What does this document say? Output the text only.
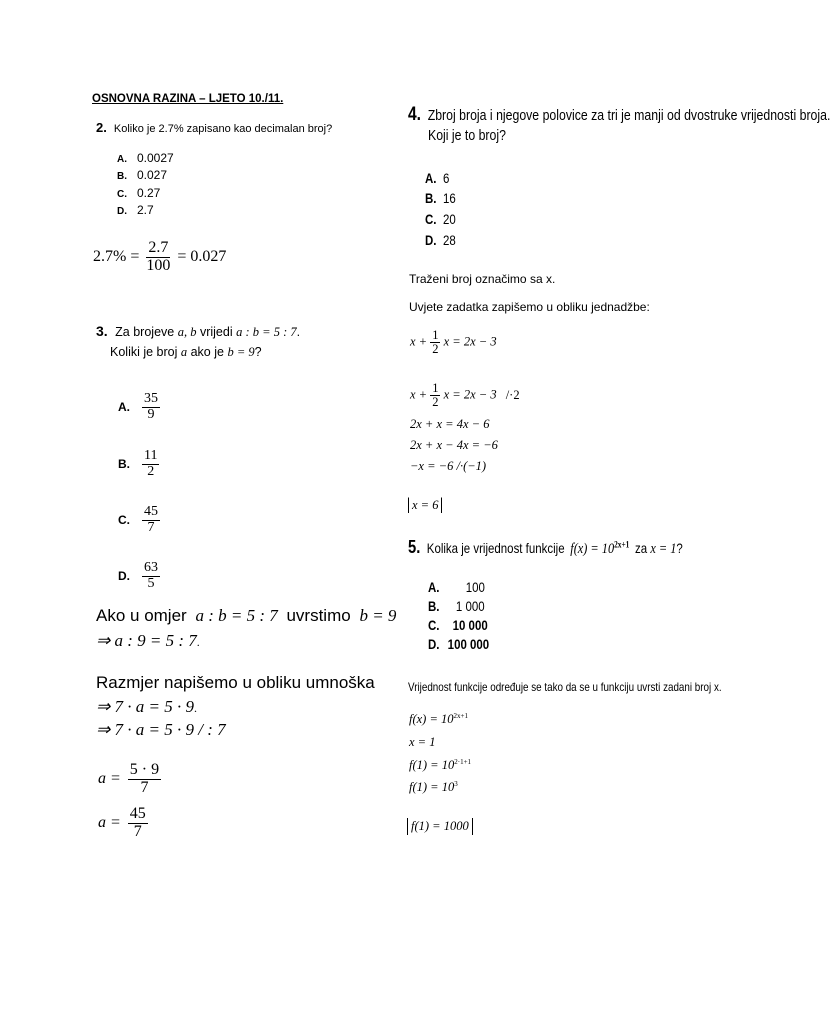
OSNOVNA RAZINA – LJETO 10./11.
2. Koliko je 2.7% zapisano kao decimalan broj?
A. 0.0027
B. 0.027
C. 0.27
D. 2.7
$2.7\% = \frac{2.7}{100} = 0.027$
3. Za brojeve a, b vrijedi a : b = 5 : 7.
Koliki je broj a ako je b = 9?
A. $\frac{35}{9}$
B. $\frac{11}{2}$
C. $\frac{45}{7}$
D. $\frac{63}{5}$
Ako u omjer a : b = 5 : 7 uvrstimo b = 9
⇒ a : 9 = 5 : 7.
Razmjer napišemo u obliku umnoška
⇒ 7 · a = 5 · 9.
⇒ 7 · a = 5 · 9 / : 7
$a = \frac{5 \cdot 9}{7}$
$a = \frac{45}{7}$
4. Zbroj broja i njegove polovice za tri je manji od dvostruke vrijednosti broja.
Koji je to broj?
A. 6
B. 16
C. 20
D. 28
Traženi broj označimo sa x.
Uvjete zadatka zapišemo u obliku jednadžbe:
$x + \frac{1}{2}$ x = 2x − 3
$x + \frac{1}{2}$ x = 2x − 3 /·2
2x + x = 4x − 6
2x + x − 4x = −6
−x = −6 /·(−1)
x = 6
5. Kolika je vrijednost funkcije $f(x) = 10^{2x+1}$ za x = 1?
A. 100
B. 1 000
C. 10 000
D. 100 000
Vrijednost funkcije određuje se tako da se u funkciju uvrsti zadani broj x.
$f(x) = 10^{2x+1}$
x = 1
$f(1) = 10^{2\cdot 1+1}$
$f(1) = 10^3$
f(1) = 1000
